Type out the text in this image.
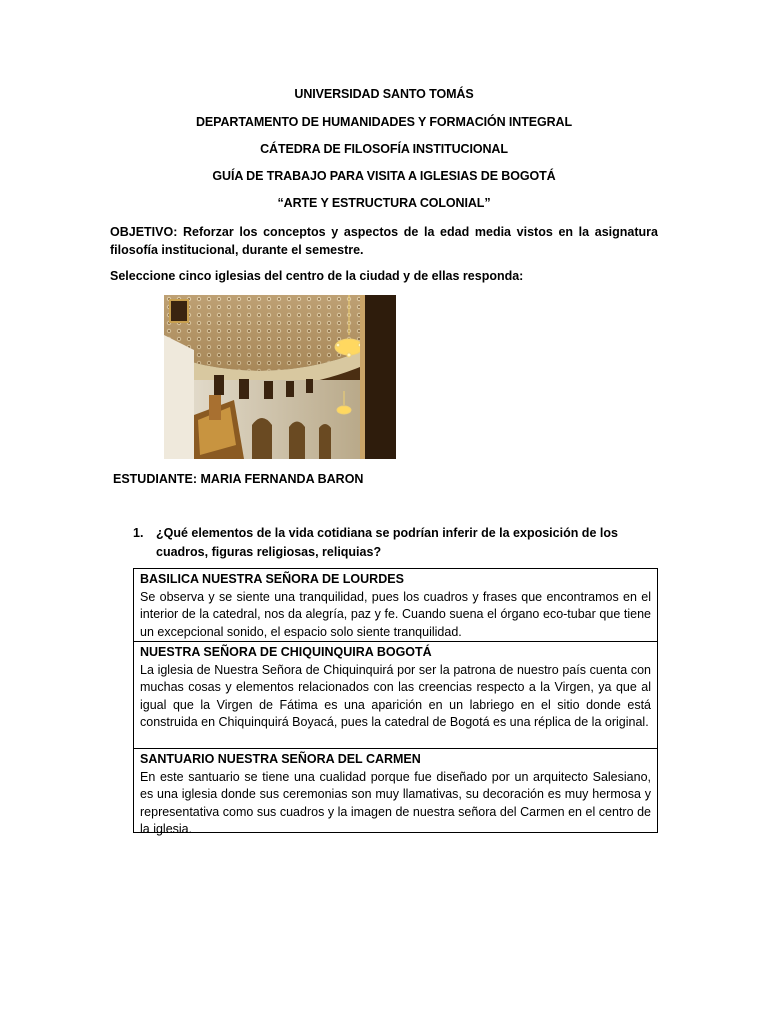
UNIVERSIDAD SANTO TOMÁS
DEPARTAMENTO DE HUMANIDADES Y FORMACIÓN INTEGRAL
CÁTEDRA DE FILOSOFÍA INSTITUCIONAL
GUÍA DE TRABAJO PARA VISITA A IGLESIAS DE BOGOTÁ
“ARTE Y ESTRUCTURA COLONIAL”
OBJETIVO: Reforzar los conceptos y aspectos de la edad media vistos en la asignatura filosofía institucional, durante el semestre.
Seleccione cinco iglesias del centro de la ciudad y de ellas responda:
ESTUDIANTE: MARIA FERNANDA BARON
1. ¿Qué elementos de la vida cotidiana se podrían inferir de la exposición de los cuadros, figuras religiosas, reliquias?
BASILICA NUESTRA SEÑORA DE LOURDES
Se observa y se siente una tranquilidad, pues los cuadros y frases que encontramos en el interior de la catedral, nos da alegría, paz y fe. Cuando suena el órgano eco-tubar que tiene un excepcional sonido, el espacio solo siente tranquilidad.
NUESTRA SEÑORA DE CHIQUINQUIRA BOGOTÁ
La iglesia de Nuestra Señora de Chiquinquirá por ser la patrona de nuestro país cuenta con muchas cosas y elementos relacionados con las creencias respecto a la Virgen, ya que al igual que la Virgen de Fátima es una aparición en un labriego en el sitio donde está construida en Chiquinquirá Boyacá, pues la catedral de Bogotá es una réplica de la original.
SANTUARIO NUESTRA SEÑORA DEL CARMEN
En este santuario se tiene una cualidad porque fue diseñado por un arquitecto Salesiano, es una iglesia donde sus ceremonias son muy llamativas, su decoración es muy hermosa y representativa como sus cuadros y la imagen de nuestra señora del Carmen en el centro de la iglesia.
